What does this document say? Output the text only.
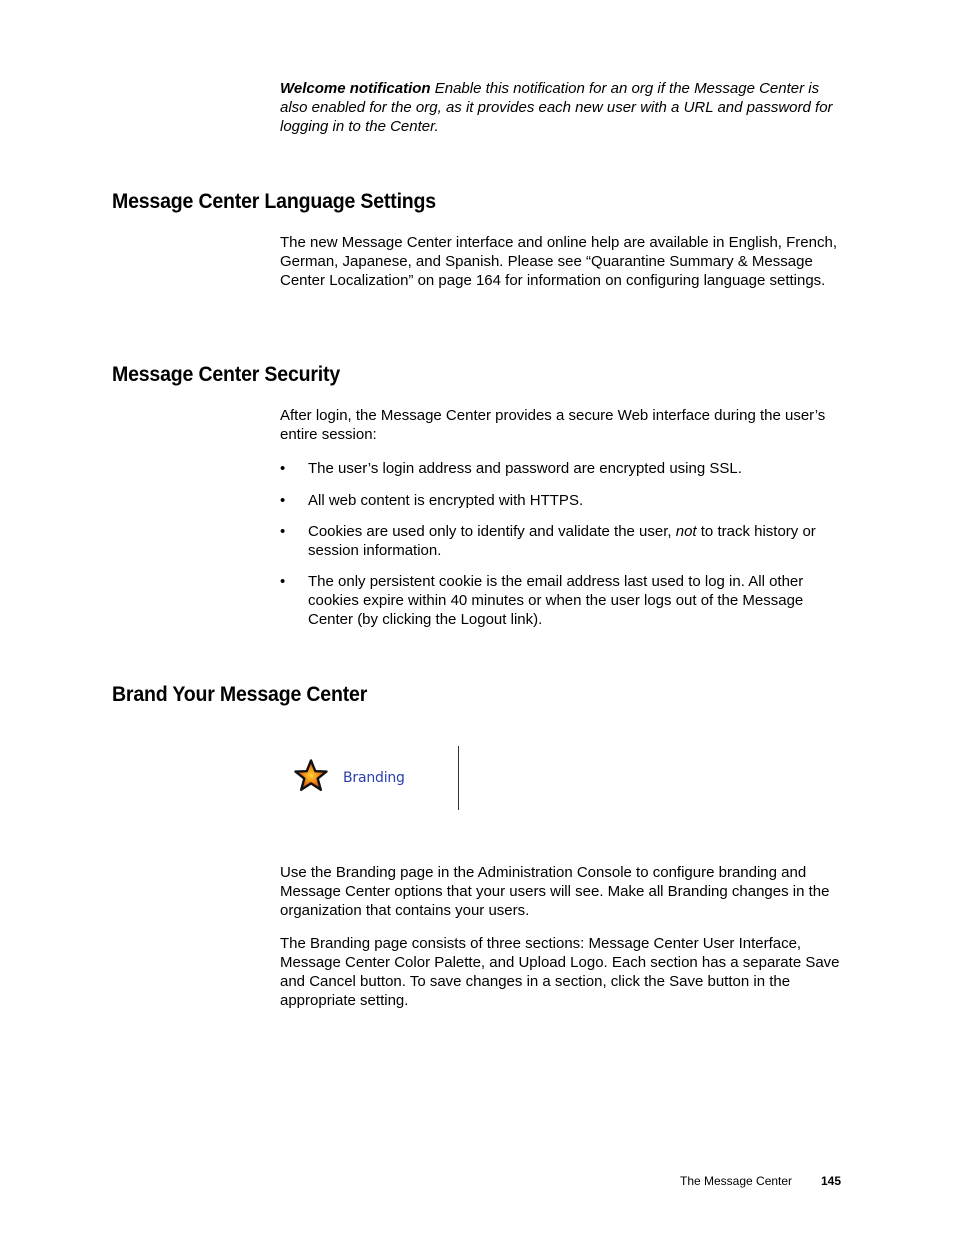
Welcome notification Enable this notification for an org if the Message Center is also enabled for the org, as it provides each new user with a URL and password for logging in to the Center.

Message Center Language Settings

The new Message Center interface and online help are available in English, French, German, Japanese, and Spanish. Please see “Quarantine Summary & Message Center Localization” on page 164 for information on configuring language settings.

Message Center Security

After login, the Message Center provides a secure Web interface during the user’s entire session:

•	The user’s login address and password are encrypted using SSL.
•	All web content is encrypted with HTTPS.
•	Cookies are used only to identify and validate the user, not to track history or session information.
•	The only persistent cookie is the email address last used to log in. All other cookies expire within 40 minutes or when the user logs out of the Message Center (by clicking the Logout link).
Brand Your Message Center
Branding

Use the Branding page in the Administration Console to configure branding and Message Center options that your users will see. Make all Branding changes in the organization that contains your users.

The Branding page consists of three sections: Message Center User Interface, Message Center Color Palette, and Upload Logo. Each section has a separate Save and Cancel button. To save changes in a section, click the Save button in the appropriate setting.

The Message Center 145
